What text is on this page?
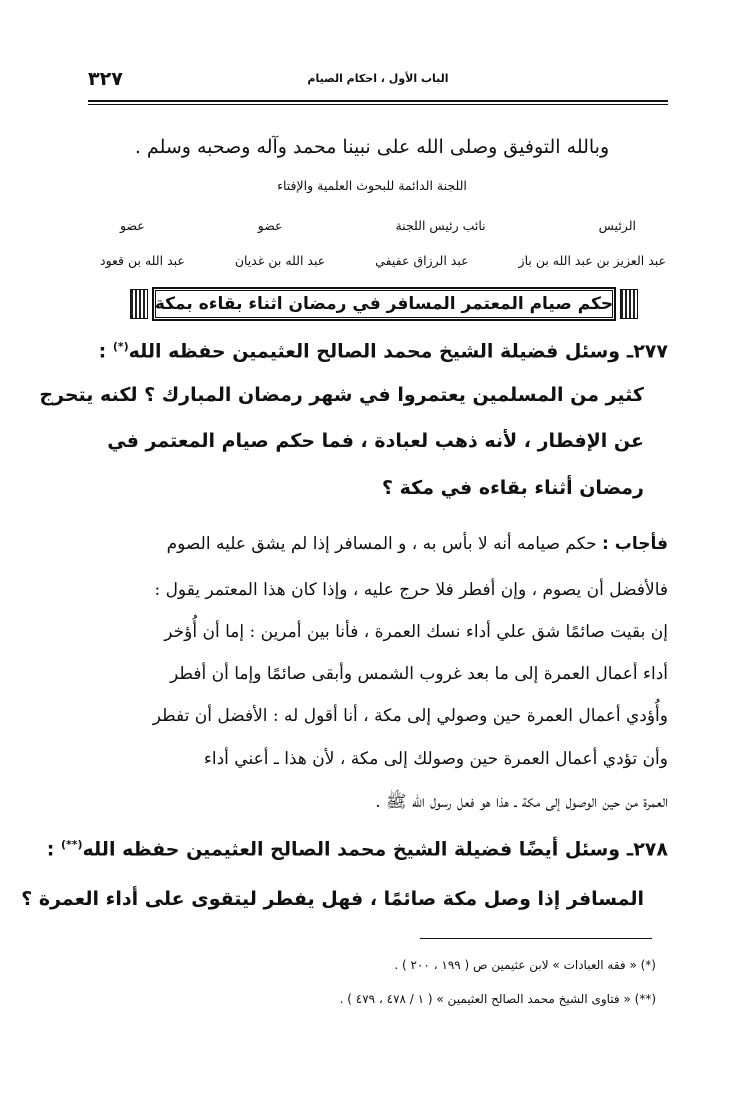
٣٢٧	الباب الأول ، احكام الصيام
وبالله التوفيق وصلى الله على نبينا محمد وآله وصحبه وسلم .
اللجنة الدائمة للبحوث العلمية والإفتاء
الرئيس
نائب رئيس اللجنة
عضو
عضو
عبد العزيز بن عبد الله بن باز
عبد الرزاق عفيفي
عبد الله بن غديان
عبد الله بن قعود
حكم صيام المعتمر المسافر في رمضان اثناء بقاءه بمكة
٢٧٧ـ وسئل فضيلة الشيخ محمد الصالح العثيمين حفظه الله(*) :
كثير من المسلمين يعتمروا في شهر رمضان المبارك ؟ لكنه يتحرج
عن الإفطار ، لأنه ذهب لعبادة ، فما حكم صيام المعتمر في
رمضان أثناء بقاءه في مكة ؟
فأجاب : حكم صيامه أنه لا بأس به ، و المسافر إذا لم يشق عليه الصوم
فالأفضل أن يصوم ، وإن أفطر فلا حرج عليه ، وإذا كان هذا المعتمر يقول :
إن بقيت صائمًا شق علي أداء نسك العمرة ، فأنا بين أمرين : إما أن أُؤخر
أداء أعمال العمرة إلى ما بعد غروب الشمس وأبقى صائمًا وإما أن أفطر
وأُؤدي أعمال العمرة حين وصولي إلى مكة ، أنا أقول له : الأفضل أن تفطر
وأن تؤدي أعمال العمرة حين وصولك إلى مكة ، لأن هذا ـ أعني أداء
العمرة من حين الوصول إلى مكة ـ هذا هو فعل رسول الله ﷺ .
٢٧٨ـ وسئل أيضًا فضيلة الشيخ محمد الصالح العثيمين حفظه الله(**) :
المسافر إذا وصل مكة صائمًا ، فهل يفطر ليتقوى على أداء العمرة ؟
(*) « فقه العبادات » لابن عثيمين ص ( ١٩٩ ، ٢٠٠ ) .
(**) « فتاوى الشيخ محمد الصالح العثيمين » ( ١ / ٤٧٨ ، ٤٧٩ ) .
